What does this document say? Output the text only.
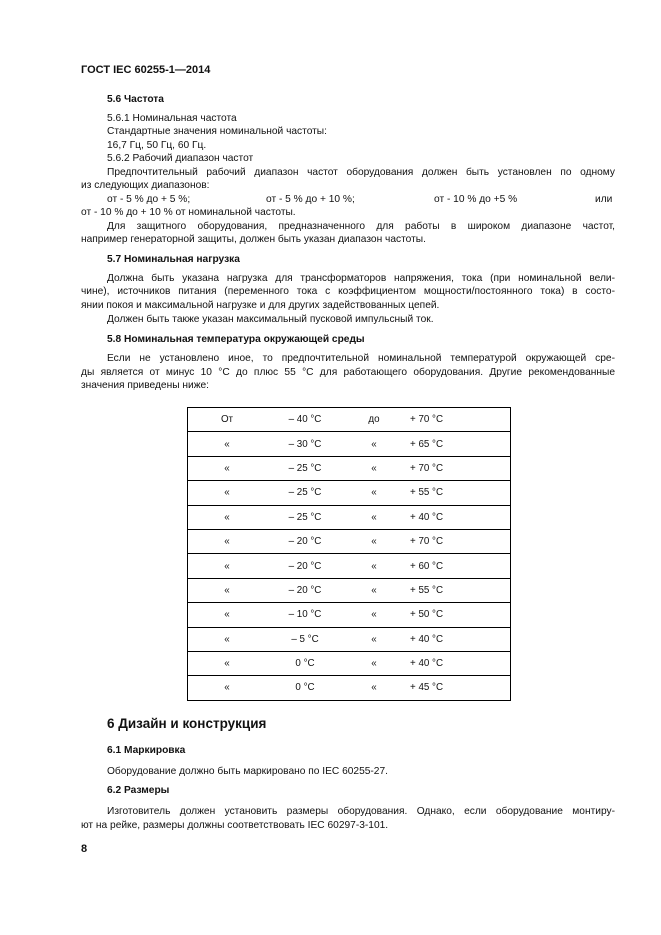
ГОСТ IEC 60255-1—2014
5.6 Частота
5.6.1 Номинальная частота
Стандартные значения номинальной частоты:
16,7 Гц, 50 Гц, 60 Гц.
5.6.2 Рабочий диапазон частот
Предпочтительный рабочий диапазон частот оборудования должен быть установлен по одному
из следующих диапазонов:
от - 5 % до + 5 %;	от - 5 % до + 10 %;	от - 10 % до +5 %	или
от - 10 % до + 10 % от номинальной частоты.
Для защитного оборудования, предназначенного для работы в широком диапазоне частот,
например генераторной защиты, должен быть указан диапазон частоты.
5.7 Номинальная нагрузка
Должна быть указана нагрузка для трансформаторов напряжения, тока (при номинальной вели-
чине), источников питания (переменного тока с коэффициентом мощности/постоянного тока) в состо-
янии покоя и максимальной нагрузке и для других задействованных цепей.
Должен быть также указан максимальный пусковой импульсный ток.
5.8 Номинальная температура окружающей среды
Если не установлено иное, то предпочтительной номинальной температурой окружающей сре-
ды является от минус 10 °С до плюс 55 °С для работающего оборудования. Другие рекомендованные
значения приведены ниже:
От	– 40 °C	до	+ 70 °C
«	– 30 °C	«	+ 65 °C
«	– 25 °C	«	+ 70 °C
«	– 25 °C	«	+ 55 °C
«	– 25 °C	«	+ 40 °C
«	– 20 °C	«	+ 70 °C
«	– 20 °C	«	+ 60 °C
«	– 20 °C	«	+ 55 °C
«	– 10 °C	«	+ 50 °C
«	– 5 °C	«	+ 40 °C
«	0 °C	«	+ 40 °C
«	0 °C	«	+ 45 °C
6 Дизайн и конструкция
6.1 Маркировка
Оборудование должно быть маркировано по IEC 60255-27.
6.2 Размеры
Изготовитель должен установить размеры оборудования. Однако, если оборудование монтиру-
ют на рейке, размеры должны соответствовать IEC 60297-3-101.
8
